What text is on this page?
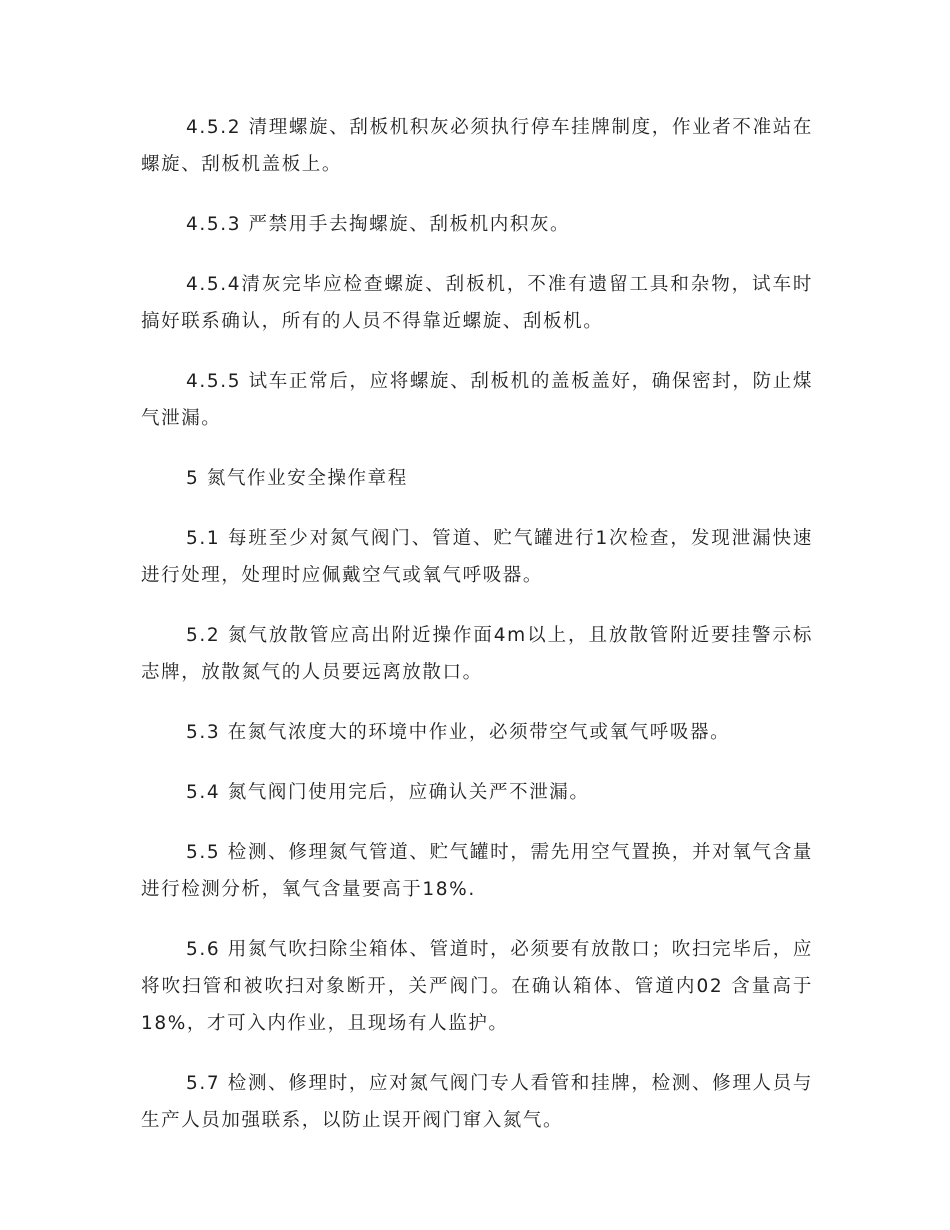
4.5.2 清理螺旋、刮板机积灰必须执行停车挂牌制度，作业者不准站在螺旋、刮板机盖板上。

4.5.3 严禁用手去掏螺旋、刮板机内积灰。

4.5.4清灰完毕应检查螺旋、刮板机，不准有遗留工具和杂物，试车时搞好联系确认，所有的人员不得靠近螺旋、刮板机。

4.5.5 试车正常后，应将螺旋、刮板机的盖板盖好，确保密封，防止煤气泄漏。

5 氮气作业安全操作章程

5.1 每班至少对氮气阀门、管道、贮气罐进行1次检查，发现泄漏快速进行处理，处理时应佩戴空气或氧气呼吸器。

5.2 氮气放散管应高出附近操作面4m以上，且放散管附近要挂警示标志牌，放散氮气的人员要远离放散口。

5.3 在氮气浓度大的环境中作业，必须带空气或氧气呼吸器。

5.4 氮气阀门使用完后，应确认关严不泄漏。

5.5 检测、修理氮气管道、贮气罐时，需先用空气置换，并对氧气含量进行检测分析，氧气含量要高于18%.

5.6 用氮气吹扫除尘箱体、管道时，必须要有放散口；吹扫完毕后，应将吹扫管和被吹扫对象断开，关严阀门。在确认箱体、管道内02 含量高于18%，才可入内作业，且现场有人监护。

5.7 检测、修理时，应对氮气阀门专人看管和挂牌，检测、修理人员与生产人员加强联系，以防止误开阀门窜入氮气。
